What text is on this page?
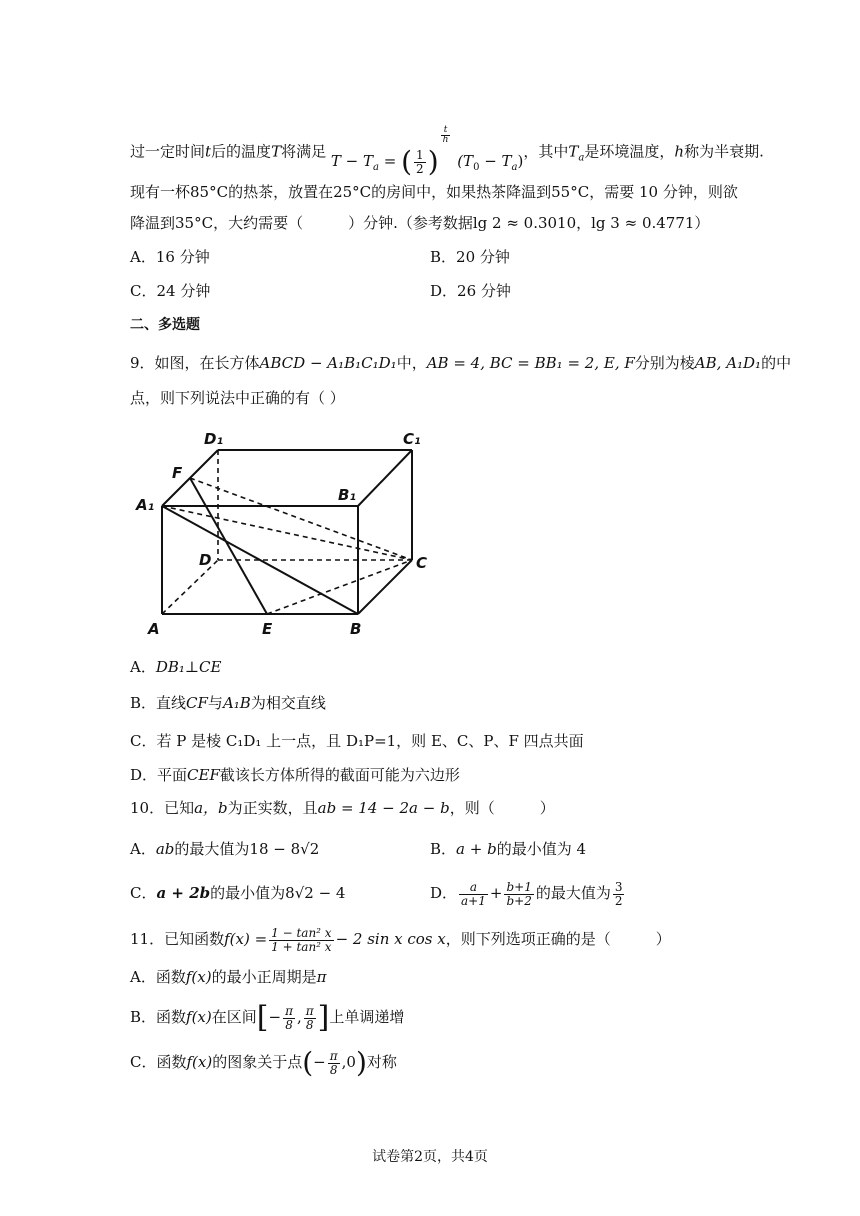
过一定时间t后的温度T将满足 $T - T_a$ = ( $\frac{1}{2}$ )
$\frac{t}{h}$
$(T_0 - T_a)$，其中$T_a$是环境温度，h称为半衰期.
现有一杯85°C的热茶，放置在25°C的房间中，如果热茶降温到55°C，需要 10 分钟，则欲
降温到35°C，大约需要（　　　）分钟.（参考数据lg 2 ≈ 0.3010，lg 3 ≈ 0.4771）
A．16 分钟	B．20 分钟
C．24 分钟	D．26 分钟
二、多选题
9．如图，在长方体ABCD − A₁B₁C₁D₁中，AB = 4, BC = BB₁ = 2, E, F分别为棱AB, A₁D₁的中
点，则下列说法中正确的有（ ）
D₁	C₁
F
A₁
B₁
D	C
A	E	B
A．DB₁⊥CE
B．直线CF与A₁B为相交直线
C．若 P 是棱 C₁D₁ 上一点，且 D₁P=1，则 E、C、P、F 四点共面
D．平面CEF截该长方体所得的截面可能为六边形
10．已知a，b为正实数，且ab = 14 − 2a − b，则（　　　）
A．ab的最大值为18 − 8√2	B．a + b的最小值为 4
C．a + 2b的最小值为8√2 − 4	D． $\frac{a}{a+1} + \frac{b+1}{b+2}$ 的最大值为 $\frac{3}{2}$
11．已知函数$f(x) = \frac{\text{1 − tan² x}}{\text{1 + tan² x}} - 2$ sin x cos x，则下列选项正确的是（　　　）
A．函数f(x)的最小正周期是π
B．函数f(x)在区间[− $\frac{\pi}{8}$ , $\frac{\pi}{8}$ ]上单调递增
C．函数f(x)的图象关于点(− $\frac{\pi}{8} ,0$)对称
试卷第2页，共4页
